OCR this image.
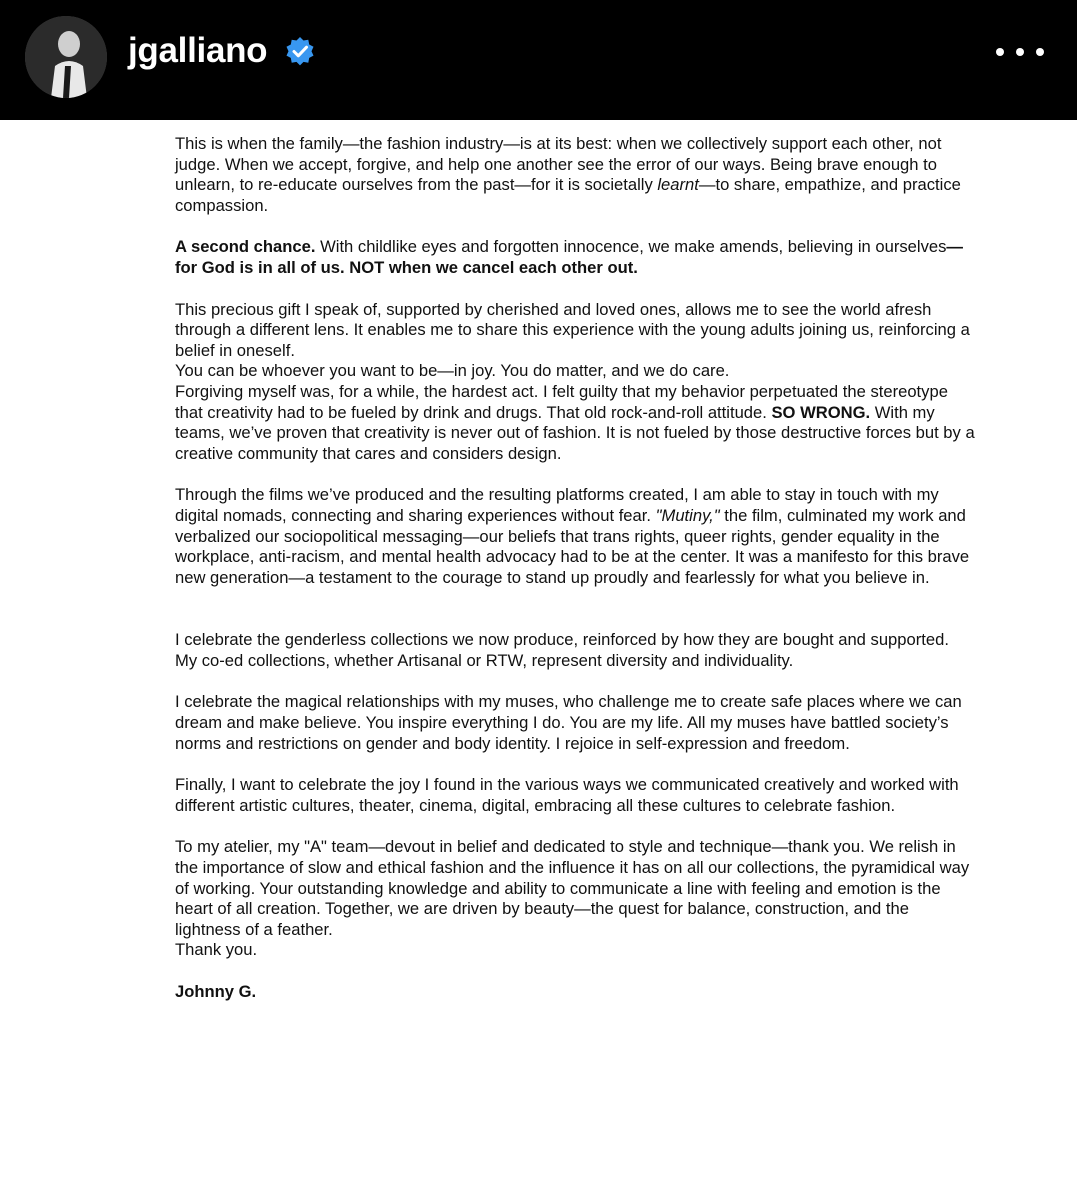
jgalliano

This is when the family—the fashion industry—is at its best: when we collectively support each other, not judge. When we accept, forgive, and help one another see the error of our ways. Being brave enough to unlearn, to re-educate ourselves from the past—for it is societally learnt—to share, empathize, and practice compassion.

A second chance. With childlike eyes and forgotten innocence, we make amends, believing in ourselves—for God is in all of us. NOT when we cancel each other out.

This precious gift I speak of, supported by cherished and loved ones, allows me to see the world afresh through a different lens. It enables me to share this experience with the young adults joining us, reinforcing a belief in oneself.
You can be whoever you want to be—in joy. You do matter, and we do care.
Forgiving myself was, for a while, the hardest act. I felt guilty that my behavior perpetuated the stereotype that creativity had to be fueled by drink and drugs. That old rock-and-roll attitude. SO WRONG. With my teams, we’ve proven that creativity is never out of fashion. It is not fueled by those destructive forces but by a creative community that cares and considers design.

Through the films we’ve produced and the resulting platforms created, I am able to stay in touch with my digital nomads, connecting and sharing experiences without fear. "Mutiny," the film, culminated my work and verbalized our sociopolitical messaging—our beliefs that trans rights, queer rights, gender equality in the workplace, anti-racism, and mental health advocacy had to be at the center. It was a manifesto for this brave new generation—a testament to the courage to stand up proudly and fearlessly for what you believe in.

I celebrate the genderless collections we now produce, reinforced by how they are bought and supported. My co-ed collections, whether Artisanal or RTW, represent diversity and individuality.

I celebrate the magical relationships with my muses, who challenge me to create safe places where we can dream and make believe. You inspire everything I do. You are my life. All my muses have battled society’s norms and restrictions on gender and body identity. I rejoice in self-expression and freedom.

Finally, I want to celebrate the joy I found in the various ways we communicated creatively and worked with different artistic cultures, theater, cinema, digital, embracing all these cultures to celebrate fashion.

To my atelier, my "A" team—devout in belief and dedicated to style and technique—thank you. We relish in the importance of slow and ethical fashion and the influence it has on all our collections, the pyramidical way of working. Your outstanding knowledge and ability to communicate a line with feeling and emotion is the heart of all creation. Together, we are driven by beauty—the quest for balance, construction, and the lightness of a feather.
Thank you.

Johnny G.
